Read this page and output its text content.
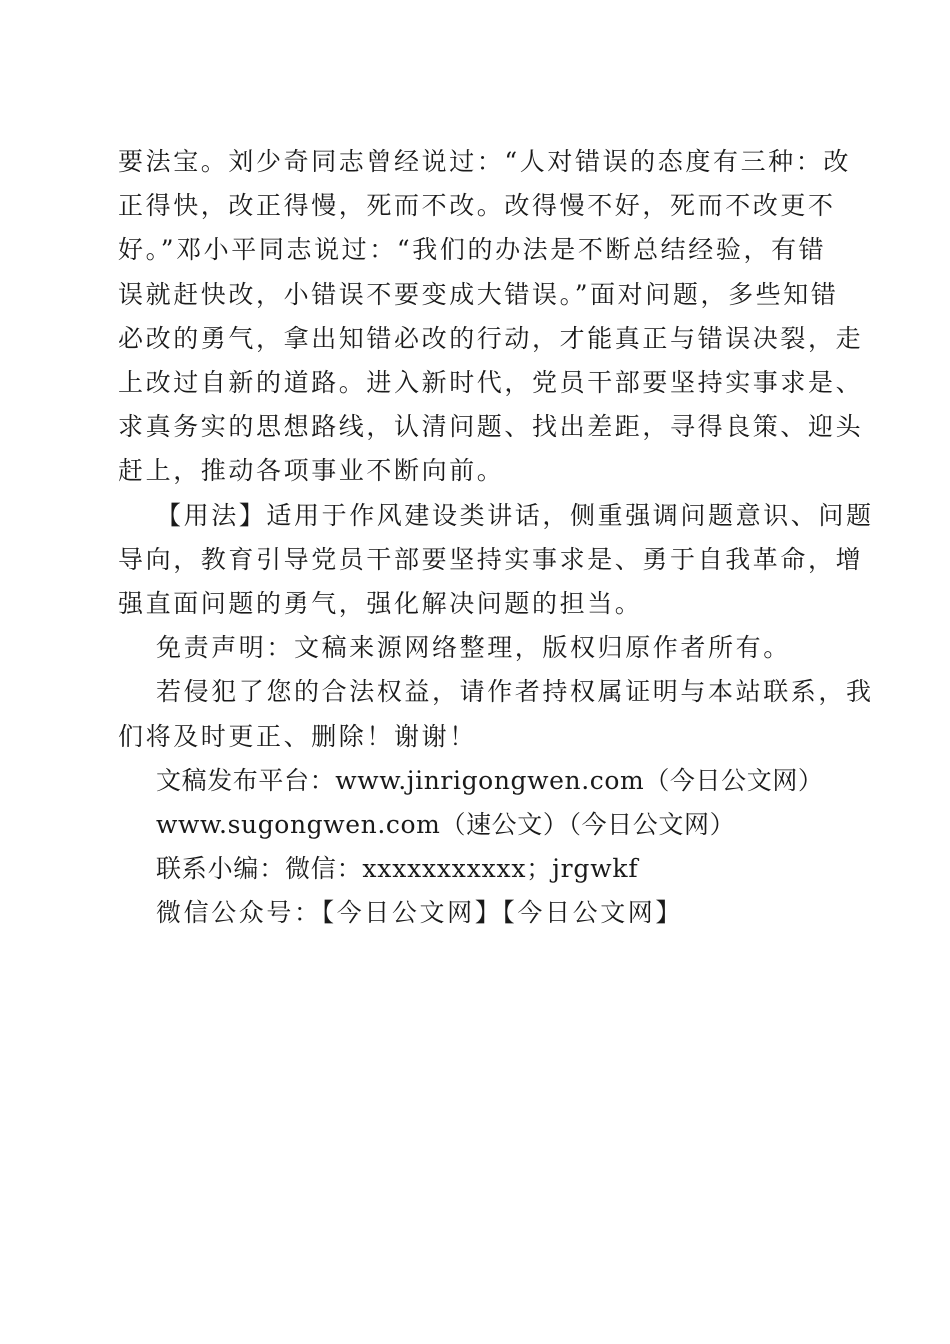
要法宝。刘少奇同志曾经说过：“人对错误的态度有三种：改
正得快，改正得慢，死而不改。改得慢不好，死而不改更不
好。”邓小平同志说过：“我们的办法是不断总结经验，有错
误就赶快改，小错误不要变成大错误。”面对问题，多些知错
必改的勇气，拿出知错必改的行动，才能真正与错误决裂，走
上改过自新的道路。进入新时代，党员干部要坚持实事求是、
求真务实的思想路线，认清问题、找出差距，寻得良策、迎头
赶上，推动各项事业不断向前。

【用法】适用于作风建设类讲话，侧重强调问题意识、问题
导向，教育引导党员干部要坚持实事求是、勇于自我革命，增
强直面问题的勇气，强化解决问题的担当。

免责声明：文稿来源网络整理，版权归原作者所有。

若侵犯了您的合法权益，请作者持权属证明与本站联系，我
们将及时更正、删除！谢谢！

文稿发布平台：www.jinrigongwen.com（今日公文网）

www.sugongwen.com（速公文）（今日公文网）

联系小编：微信：xxxxxxxxxxx；jrgwkf

微信公众号：【今日公文网】【今日公文网】
